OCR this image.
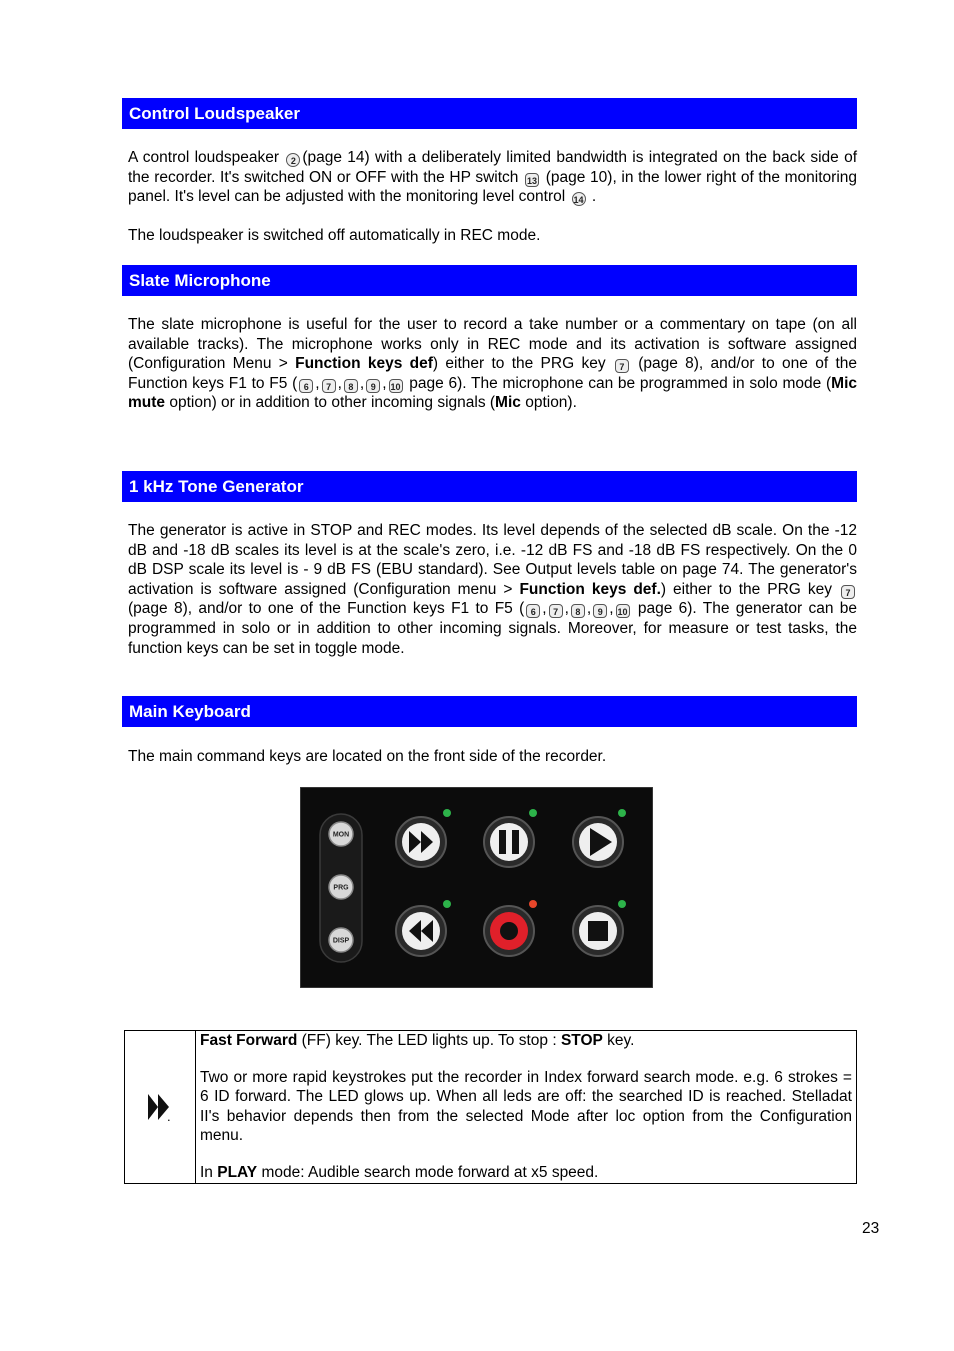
Control Loudspeaker
A control loudspeaker 2 (page 14) with a deliberately limited bandwidth is integrated on the back side of the recorder. It's switched ON or OFF with the HP switch 13 (page 10), in the lower right of the monitoring panel. It's level can be adjusted with the monitoring level control 14 .
The loudspeaker is switched off automatically in REC mode.
Slate Microphone
The slate microphone is useful for the user to record a take number or a commentary on tape (on all available tracks). The microphone works only in REC mode and its activation is software assigned (Configuration Menu > Function keys def) either to the PRG key 7 (page 8), and/or to one of the Function keys F1 to F5 ( 6 , 7 , 8 , 9 , 10 page 6). The microphone can be programmed in solo mode (Mic mute option) or in addition to other incoming signals (Mic option).
1 kHz Tone Generator
The generator is active in STOP and REC modes. Its level depends of the selected dB scale. On the -12 dB and -18 dB scales its level is at the scale's zero, i.e. -12 dB FS and -18 dB FS respectively. On the 0 dB DSP scale its level is - 9 dB FS (EBU standard). See Output levels table on page 74. The generator's activation is software assigned (Configuration menu > Function keys def.) either to the PRG key 7 (page 8), and/or to one of the Function keys F1 to F5 ( 6 , 7 , 8 , 9 , 10 page 6). The generator can be programmed in solo or in addition to other incoming signals. Moreover, for measure or test tasks, the function keys can be set in toggle mode.
Main Keyboard
The main command keys are located on the front side of the recorder.
MON
PRG
DISP
.
Fast Forward (FF) key. The LED lights up. To stop : STOP key.
Two or more rapid keystrokes put the recorder in Index forward search mode. e.g. 6 strokes = 6 ID forward. The LED glows up. When all leds are off: the searched ID is reached. Stelladat II's behavior depends then from the selected Mode after loc option from the Configuration menu.
In PLAY mode: Audible search mode forward at x5 speed.
23
